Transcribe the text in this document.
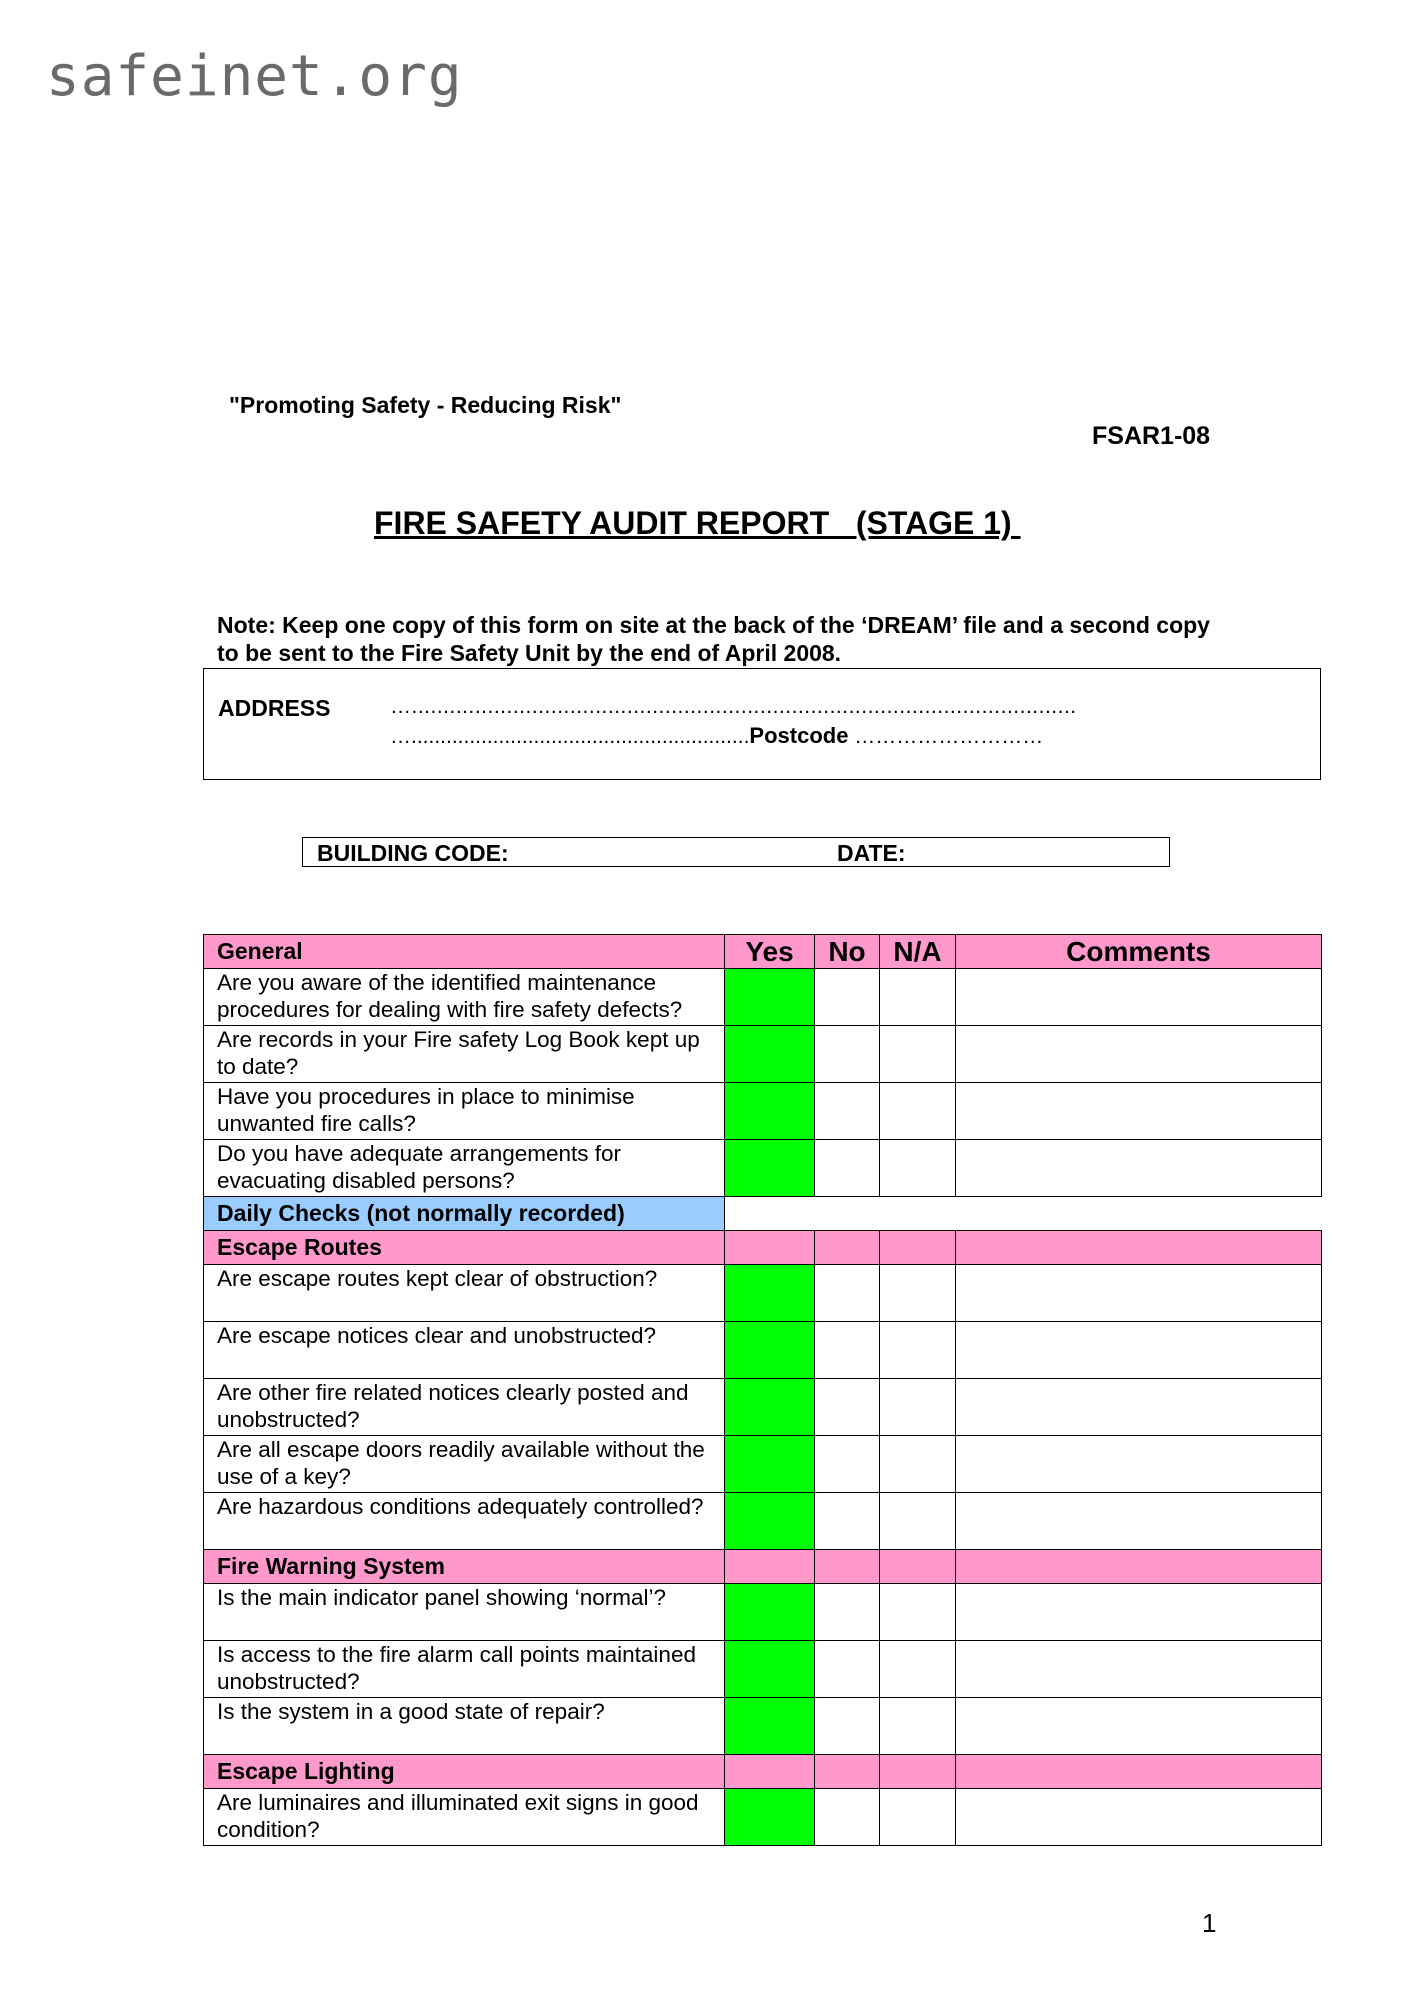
safeinet.org
"Promoting Safety - Reducing Risk"
FSAR1-08
FIRE SAFETY AUDIT REPORT   (STAGE 1)
Note: Keep one copy of this form on site at the back of the ‘DREAM’ file and a second copy to be sent to the Fire Safety Unit by the end of April 2008.
ADDRESS	….........................................................................................................
…..........................................................Postcode ………………………
BUILDING CODE:	DATE:
General	Yes	No	N/A	Comments
Are you aware of the identified maintenance procedures for dealing with fire safety defects?				
Are records in your Fire safety Log Book kept up to date?				
Have you procedures in place to minimise unwanted fire calls?				
Do you have adequate arrangements for evacuating disabled persons?				
Daily Checks (not normally recorded)				
Escape Routes				
Are escape routes kept clear of obstruction?				
Are escape notices clear and unobstructed?				
Are other fire related notices clearly posted and unobstructed?				
Are all escape doors readily available without the use of a key?				
Are hazardous conditions adequately controlled?				
Fire Warning System				
Is the main indicator panel showing ‘normal’?				
Is access to the fire alarm call points maintained unobstructed?				
Is the system in a good state of repair?				
Escape Lighting				
Are luminaires and illuminated exit signs in good condition?				
1
